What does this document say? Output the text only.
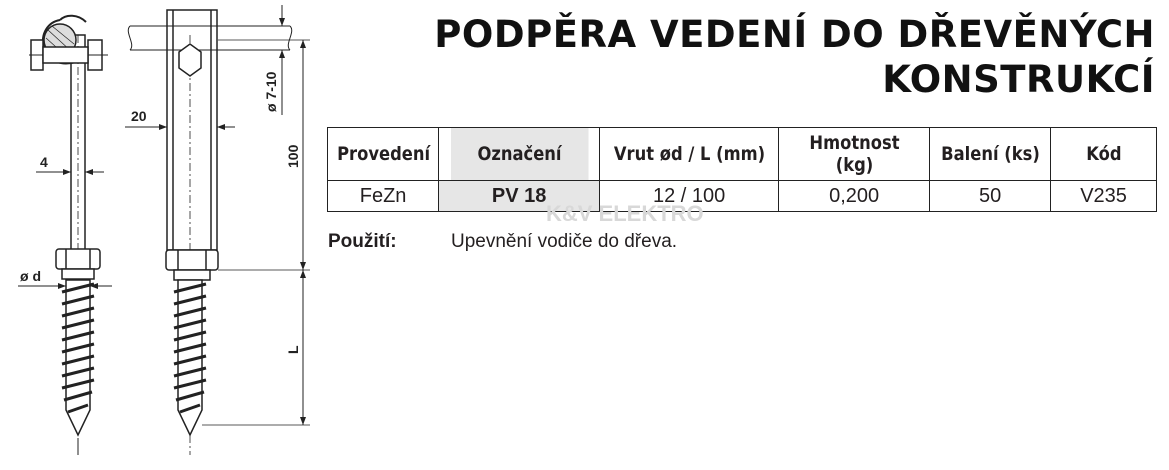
4
ø d
20
ø 7-10
100
L
PODPĚRA VEDENÍ DO DŘEVĚNÝCH
KONSTRUKCÍ
Provedení	Označení	Vrut ød / L (mm)	Hmotnost (kg)	Balení (ks)	Kód
FeZn	PV 18	12 / 100	0,200	50	V235
K&V ELEKTRO
Použití:	Upevnění vodiče do dřeva.
